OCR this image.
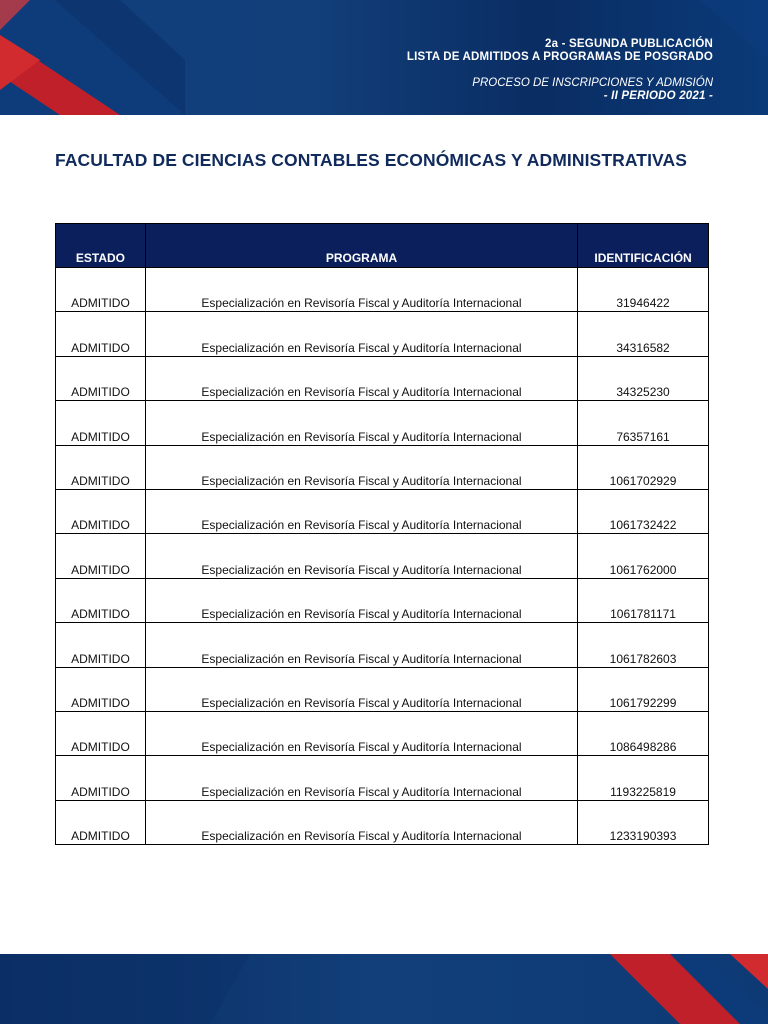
2a - SEGUNDA PUBLICACIÓN
LISTA DE ADMITIDOS A PROGRAMAS DE POSGRADO
PROCESO DE INSCRIPCIONES Y ADMISIÓN
- II PERIODO 2021 -
FACULTAD DE CIENCIAS CONTABLES ECONÓMICAS Y ADMINISTRATIVAS
ESTADO	PROGRAMA	IDENTIFICACIÓN
ADMITIDO	Especialización en Revisoría Fiscal y Auditoría Internacional	31946422
ADMITIDO	Especialización en Revisoría Fiscal y Auditoría Internacional	34316582
ADMITIDO	Especialización en Revisoría Fiscal y Auditoría Internacional	34325230
ADMITIDO	Especialización en Revisoría Fiscal y Auditoría Internacional	76357161
ADMITIDO	Especialización en Revisoría Fiscal y Auditoría Internacional	1061702929
ADMITIDO	Especialización en Revisoría Fiscal y Auditoría Internacional	1061732422
ADMITIDO	Especialización en Revisoría Fiscal y Auditoría Internacional	1061762000
ADMITIDO	Especialización en Revisoría Fiscal y Auditoría Internacional	1061781171
ADMITIDO	Especialización en Revisoría Fiscal y Auditoría Internacional	1061782603
ADMITIDO	Especialización en Revisoría Fiscal y Auditoría Internacional	1061792299
ADMITIDO	Especialización en Revisoría Fiscal y Auditoría Internacional	1086498286
ADMITIDO	Especialización en Revisoría Fiscal y Auditoría Internacional	1193225819
ADMITIDO	Especialización en Revisoría Fiscal y Auditoría Internacional	1233190393
